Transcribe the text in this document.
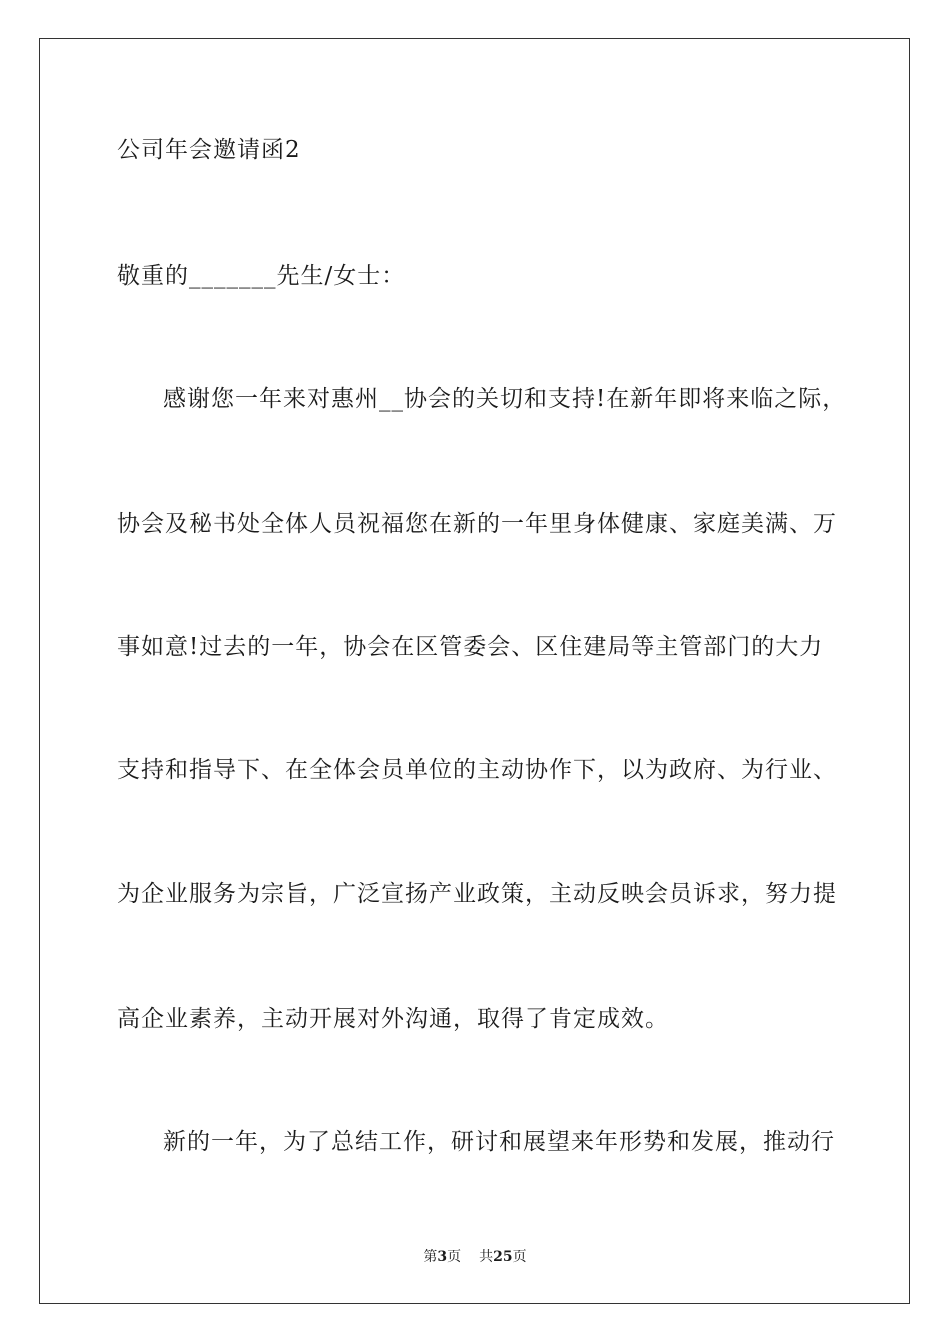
公司年会邀请函2
敬重的_______先生/女士：
感谢您一年来对惠州__协会的关切和支持!在新年即将来临之际，
协会及秘书处全体人员祝福您在新的一年里身体健康、家庭美满、万
事如意!过去的一年，协会在区管委会、区住建局等主管部门的大力
支持和指导下、在全体会员单位的主动协作下，以为政府、为行业、
为企业服务为宗旨，广泛宣扬产业政策，主动反映会员诉求，努力提
高企业素养，主动开展对外沟通，取得了肯定成效。
新的一年，为了总结工作，研讨和展望来年形势和发展，推动行
第3页 共25页
